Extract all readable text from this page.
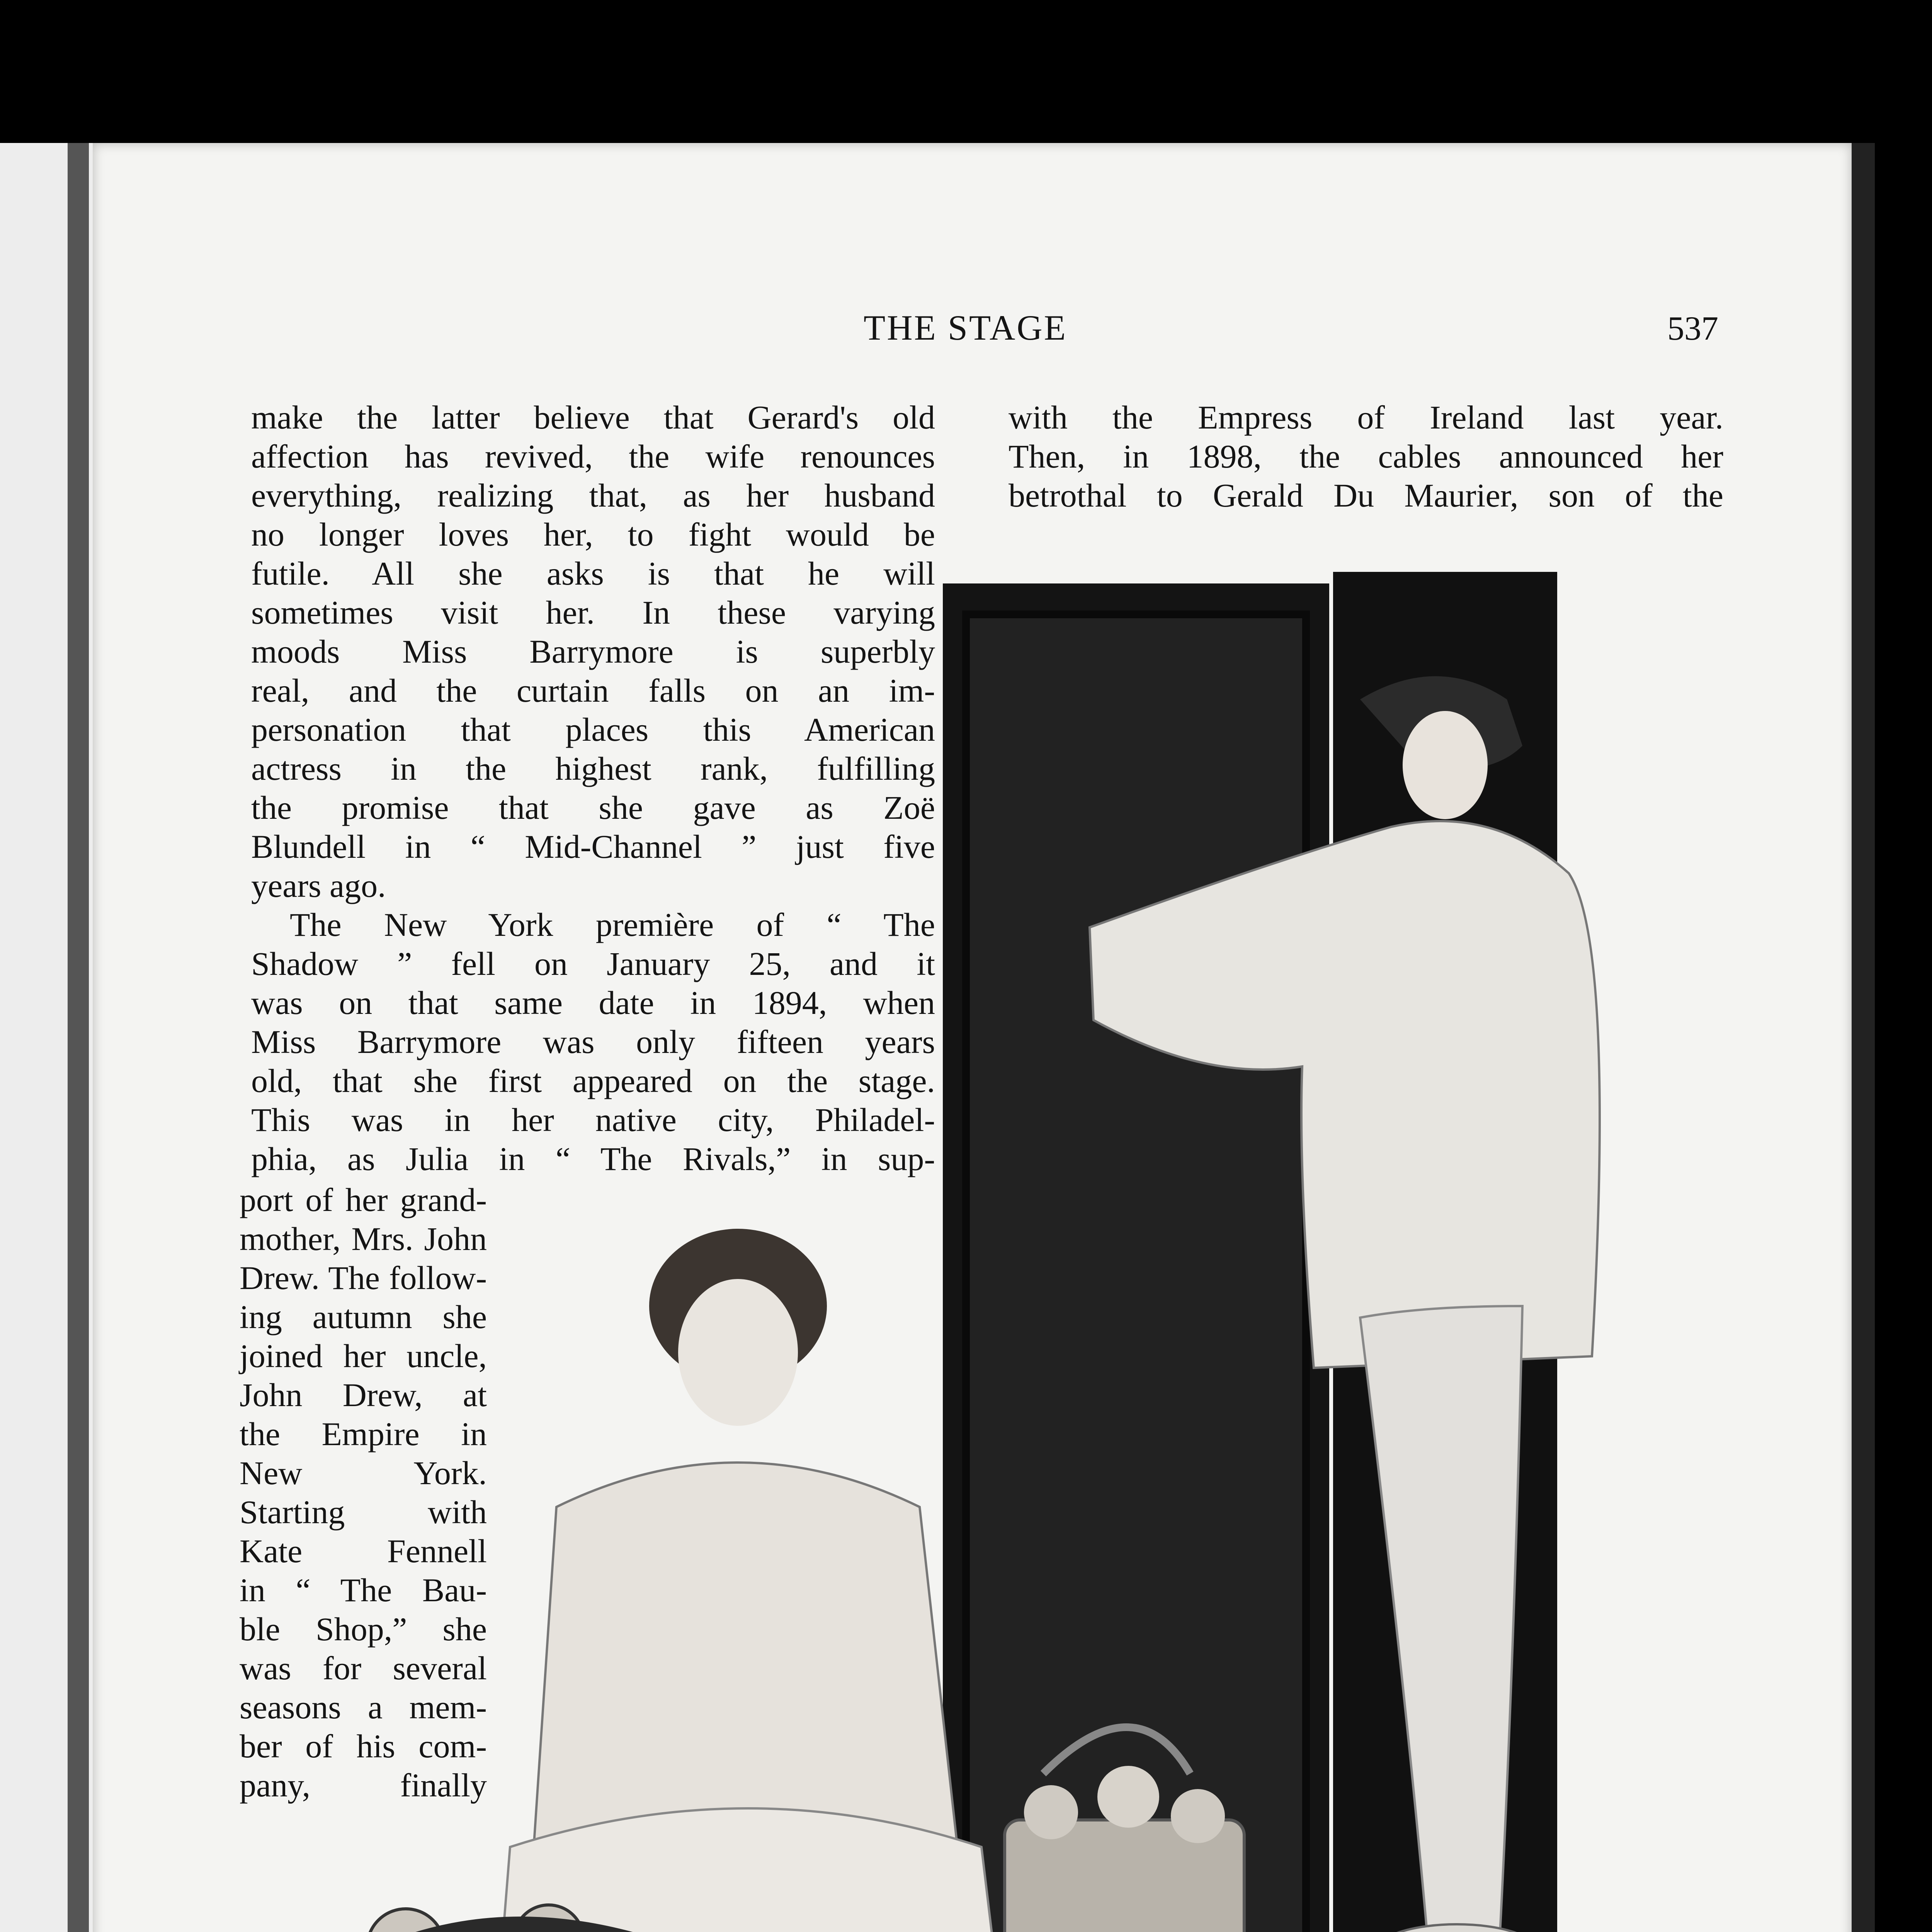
THE STAGE	537
make the latter believe that Gerard's old
affection has revived, the wife renounces
everything, realizing that, as her husband
no longer loves her, to fight would be
futile. All she asks is that he will
sometimes visit her. In these varying
moods Miss Barrymore is superbly
real, and the curtain falls on an im-
personation that places this American
actress in the highest rank, fulfilling
the promise that she gave as Zoë
Blundell in “ Mid-Channel ” just five
years ago.
The New York première of “ The
Shadow ” fell on January 25, and it
was on that same date in 1894, when
Miss Barrymore was only fifteen years
old, that she first appeared on the stage.
This was in her native city, Philadel-
phia, as Julia in “ The Rivals,” in sup-
port of her grand-
mother, Mrs. John
Drew. The follow-
ing autumn she
joined her uncle,
John Drew, at
the Empire in
New York.
Starting with
Kate Fennell
in “ The Bau-
ble Shop,” she
was for several
seasons a mem-
ber of his com-
pany, finally
with the Empress of Ireland last year.
Then, in 1898, the cables announced her
betrothal to Gerald Du Maurier, son of the
